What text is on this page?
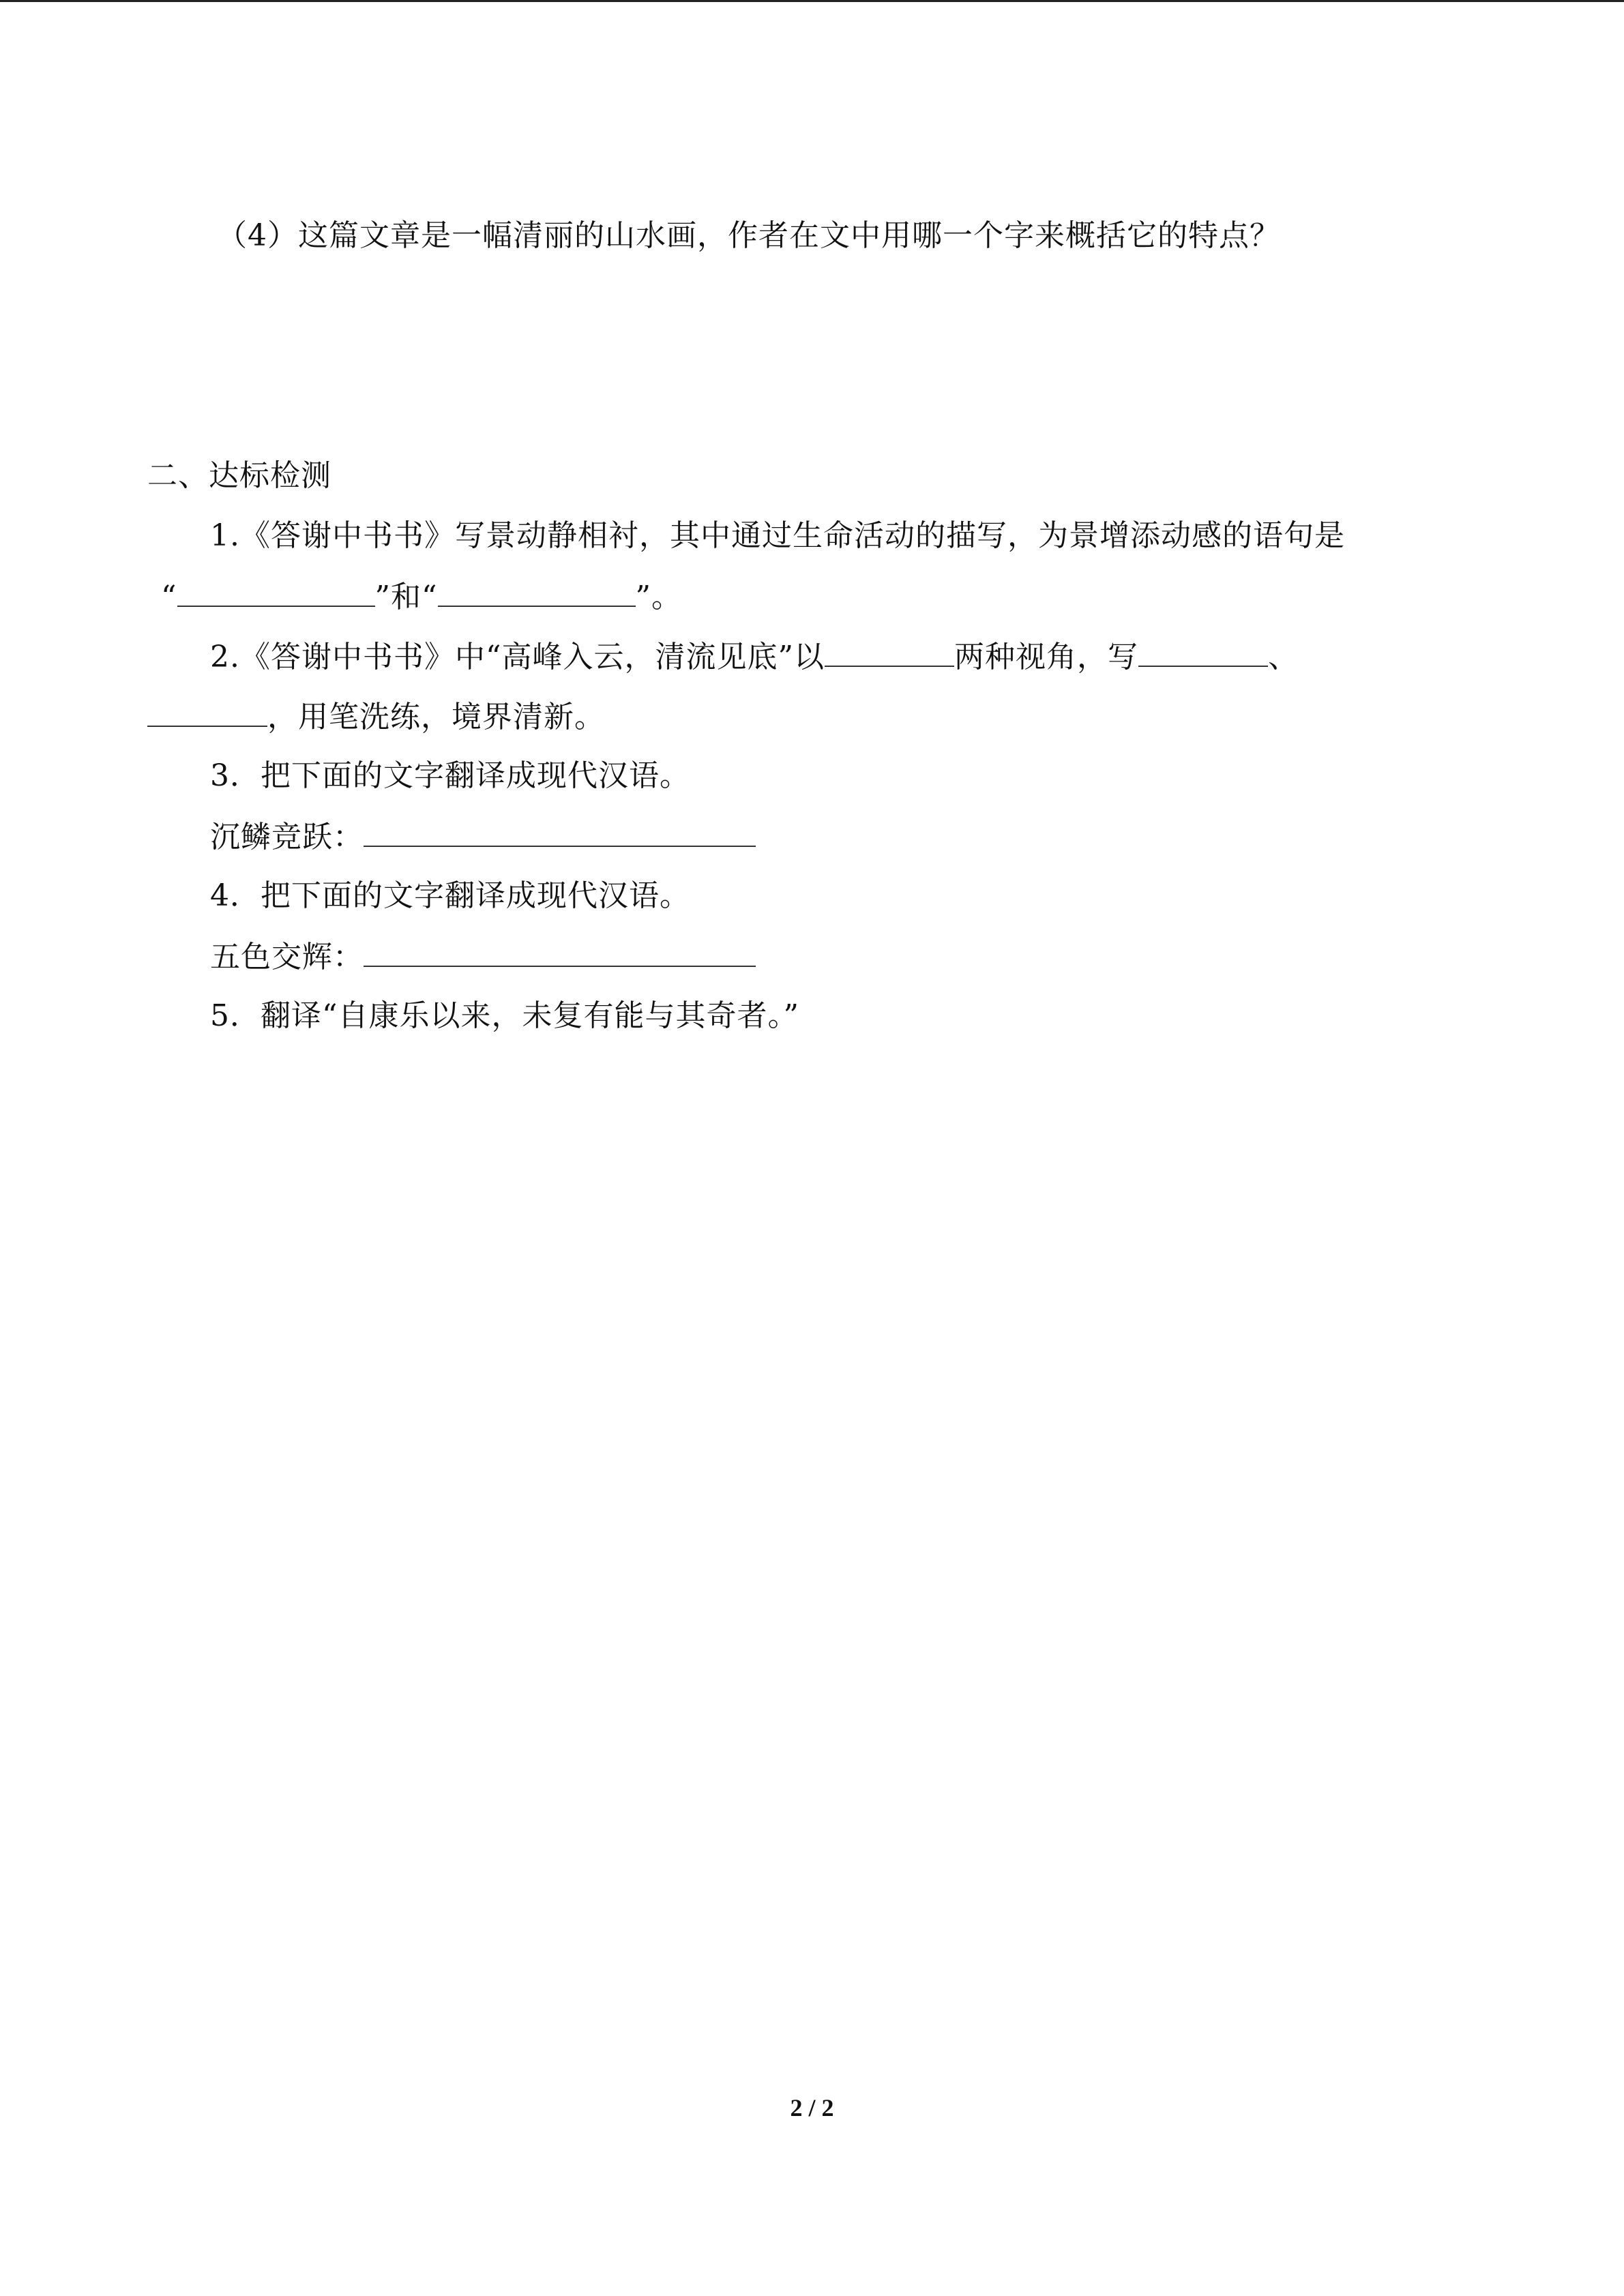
（4）这篇文章是一幅清丽的山水画，作者在文中用哪一个字来概括它的特点？
二、达标检测
1.《答谢中书书》写景动静相衬，其中通过生命活动的描写，为景增添动感的语句是
“	”和“	”。
2.《答谢中书书》中“高峰入云，清流见底”以	两种视角，写	、
，用笔洗练，境界清新。
3．把下面的文字翻译成现代汉语。
沉鳞竞跃：
4．把下面的文字翻译成现代汉语。
五色交辉：
5．翻译“自康乐以来，未复有能与其奇者。”
2 / 2
